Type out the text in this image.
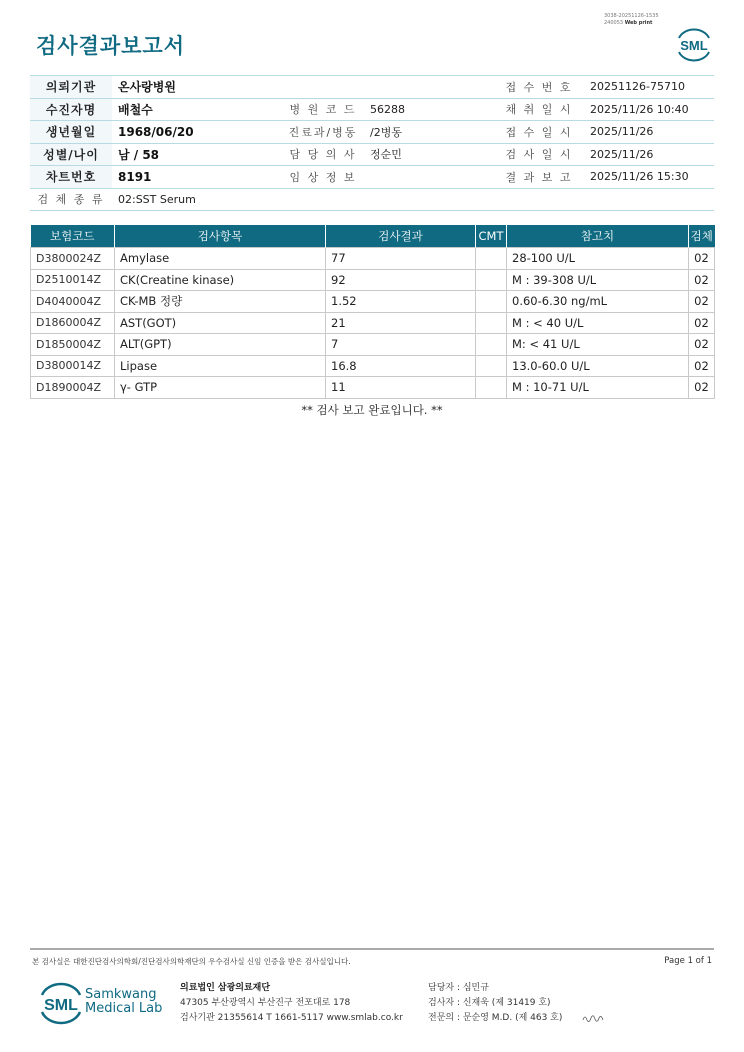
3038-20251126-1535
240053 Web print
검사결과보고서	SML
의뢰기관	온사랑병원			접 수 번 호	20251126-75710
수진자명	배철수	병 원 코 드	56288	채 취 일 시	2025/11/26 10:40
생년월일	1968/06/20	진료과/병동	/2병동	접 수 일 시	2025/11/26
성별/나이	남 / 58	담 당 의 사	정순민	검 사 일 시	2025/11/26
차트번호	8191	임 상 정 보		결 과 보 고	2025/11/26 15:30
검 체 종 류	02:SST Serum				
보험코드	검사항목	검사결과	CMT	참고치	검체
D3800024Z	Amylase	77		28-100 U/L	02
D2510014Z	CK(Creatine kinase)	92		M : 39-308 U/L	02
D4040004Z	CK-MB 정량	1.52		0.60-6.30 ng/mL	02
D1860004Z	AST(GOT)	21		M : < 40 U/L	02
D1850004Z	ALT(GPT)	7		M: < 41 U/L	02
D3800014Z	Lipase	16.8		13.0-60.0 U/L	02
D1890004Z	γ- GTP	11		M : 10-71 U/L	02
** 검사 보고 완료입니다. **
본 검사실은 대한진단검사의학회/진단검사의학재단의 우수검사실 신임 인증을 받은 검사실입니다.	Page 1 of 1
SML
Samkwang
Medical Lab
의료법인 삼광의료재단
47305 부산광역시 부산진구 전포대로 178
검사기관 21355614 T 1661-5117 www.smlab.co.kr
담당자 : 심민규
검사자 : 신재욱 (제 31419 호)
전문의 : 문순영 M.D. (제 463 호)
